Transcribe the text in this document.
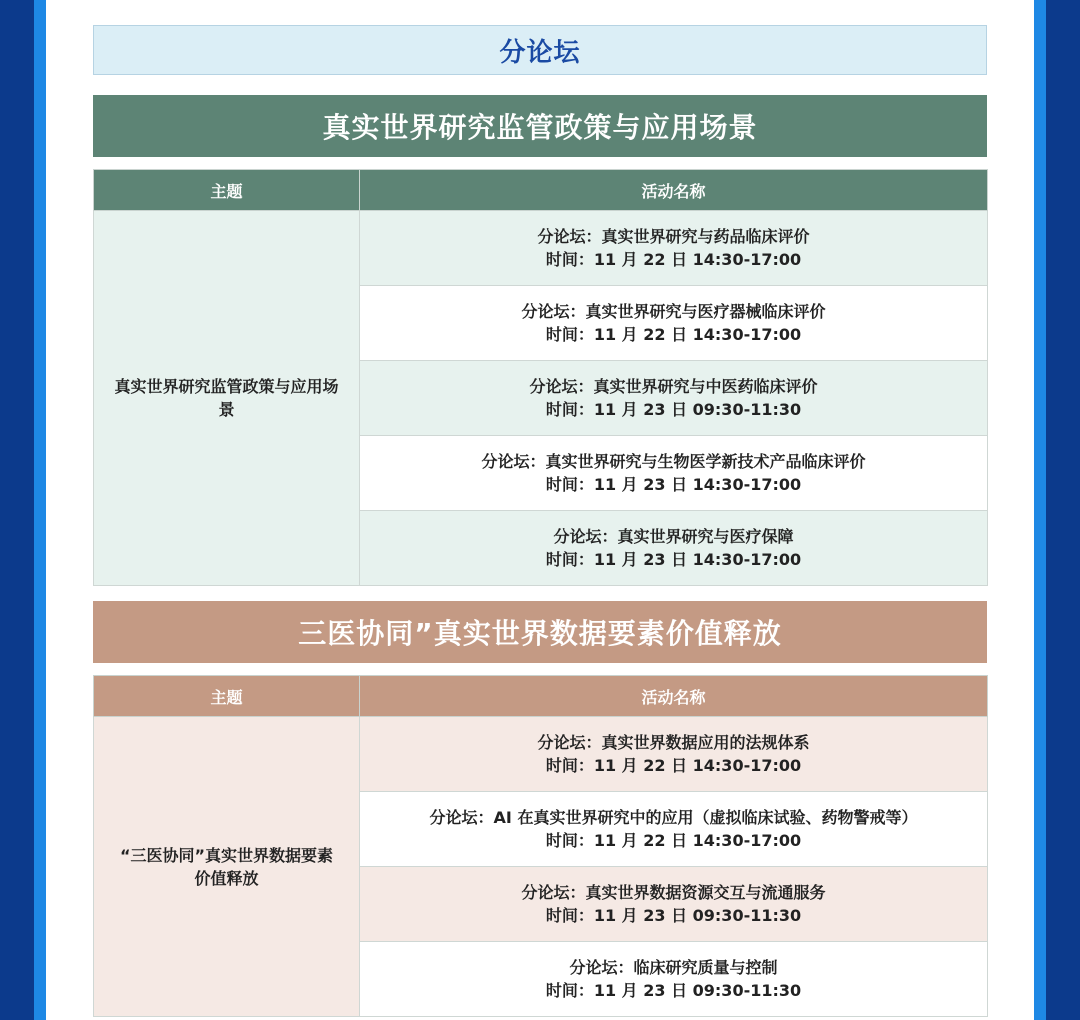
分论坛
真实世界研究监管政策与应用场景
主题	活动名称
真实世界研究监管政策与应用场景	分论坛：真实世界研究与药品临床评价
时间：11 月 22 日 14:30-17:00

	分论坛：真实世界研究与医疗器械临床评价
时间：11 月 22 日 14:30-17:00

	分论坛：真实世界研究与中医药临床评价
时间：11 月 23 日 09:30-11:30

	分论坛：真实世界研究与生物医学新技术产品临床评价
时间：11 月 23 日 14:30-17:00

	分论坛：真实世界研究与医疗保障
时间：11 月 23 日 14:30-17:00
三医协同”真实世界数据要素价值释放
主题	活动名称
“三医协同”真实世界数据要素价值释放	分论坛：真实世界数据应用的法规体系
时间：11 月 22 日 14:30-17:00

	分论坛：AI 在真实世界研究中的应用（虚拟临床试验、药物警戒等）
时间：11 月 22 日 14:30-17:00

	分论坛：真实世界数据资源交互与流通服务
时间：11 月 23 日 09:30-11:30

	分论坛：临床研究质量与控制
时间：11 月 23 日 09:30-11:30
